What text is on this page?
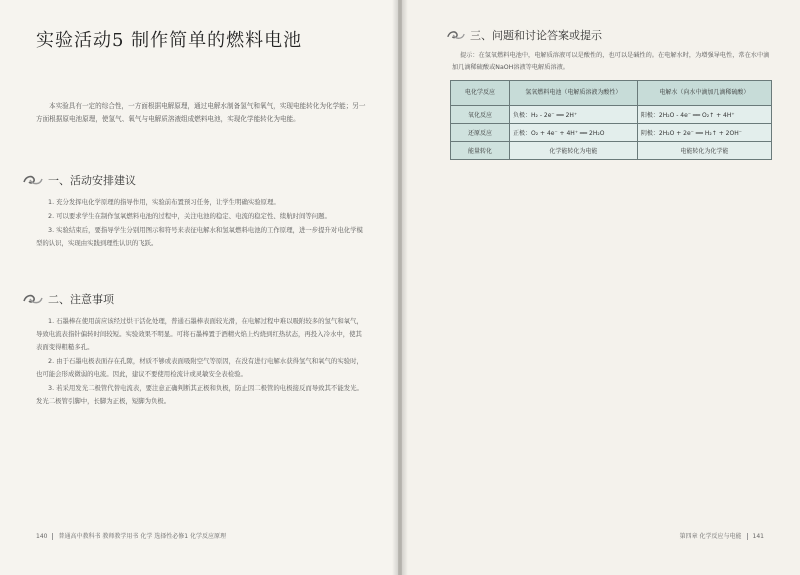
实验活动5 制作简单的燃料电池
本实验具有一定的综合性，一方面根据电解原理，通过电解水制备氢气和氧气，实现电能转化为化学能；另一方面根据原电池原理，使氢气、氧气与电解质溶液组成燃料电池，实现化学能转化为电能。
一、活动安排建议

1. 充分发挥电化学原理的指导作用，实验前布置预习任务，让学生明确实验原理。

2. 可以要求学生在制作氢氧燃料电池的过程中，关注电池的稳定、电流的稳定性、续航时间等问题。

3. 实验结束后，要指导学生分别用图示和符号来表征电解水和氢氧燃料电池的工作原理，进一步提升对电化学模型的认识，实现由实践到理性认识的飞跃。

二、注意事项

1. 石墨棒在使用前应该经过烘干活化处理，普通石墨棒表面较光滑，在电解过程中难以吸附较多的氢气和氧气，导致电流表指针偏转时间较短。实验效果不明显。可将石墨棒置于酒精火焰上灼烧到红热状态，再投入冷水中，使其表面变得粗糙多孔。

2. 由于石墨电极表面存在孔隙，材质不够或表面吸附空气等原因，在没有进行电解水获得氢气和氧气的实验时，也可能会形成微弱的电流。因此，建议不要使用检流计或灵敏安全表检验。

3. 若采用发光二极管代替电流表，要注意正确判断其正极和负极，防止因二极管的电极接反而导致其不能发光。发光二极管引脚中，长脚为正极，短脚为负极。

140 普通高中教科书 教师教学用书 化学 选择性必修1 化学反应原理
三、问题和讨论答案或提示
提示：在氢氧燃料电池中，电解质溶液可以是酸性的，也可以是碱性的。在电解水时，为增强导电性，常在水中滴加几滴稀硫酸或NaOH溶液等电解质溶液。
电化学反应	氢氧燃料电池（电解质溶液为酸性）	电解水（向水中滴加几滴稀硫酸）
氧化反应	负极：H₂ - 2e⁻ ══ 2H⁺	阳极：2H₂O - 4e⁻ ══ O₂↑ + 4H⁺
还原反应	正极：O₂ + 4e⁻ + 4H⁺ ══ 2H₂O	阴极：2H₂O + 2e⁻ ══ H₂↑ + 2OH⁻
能量转化	化学能转化为电能	电能转化为化学能
第四章 化学反应与电能 141
